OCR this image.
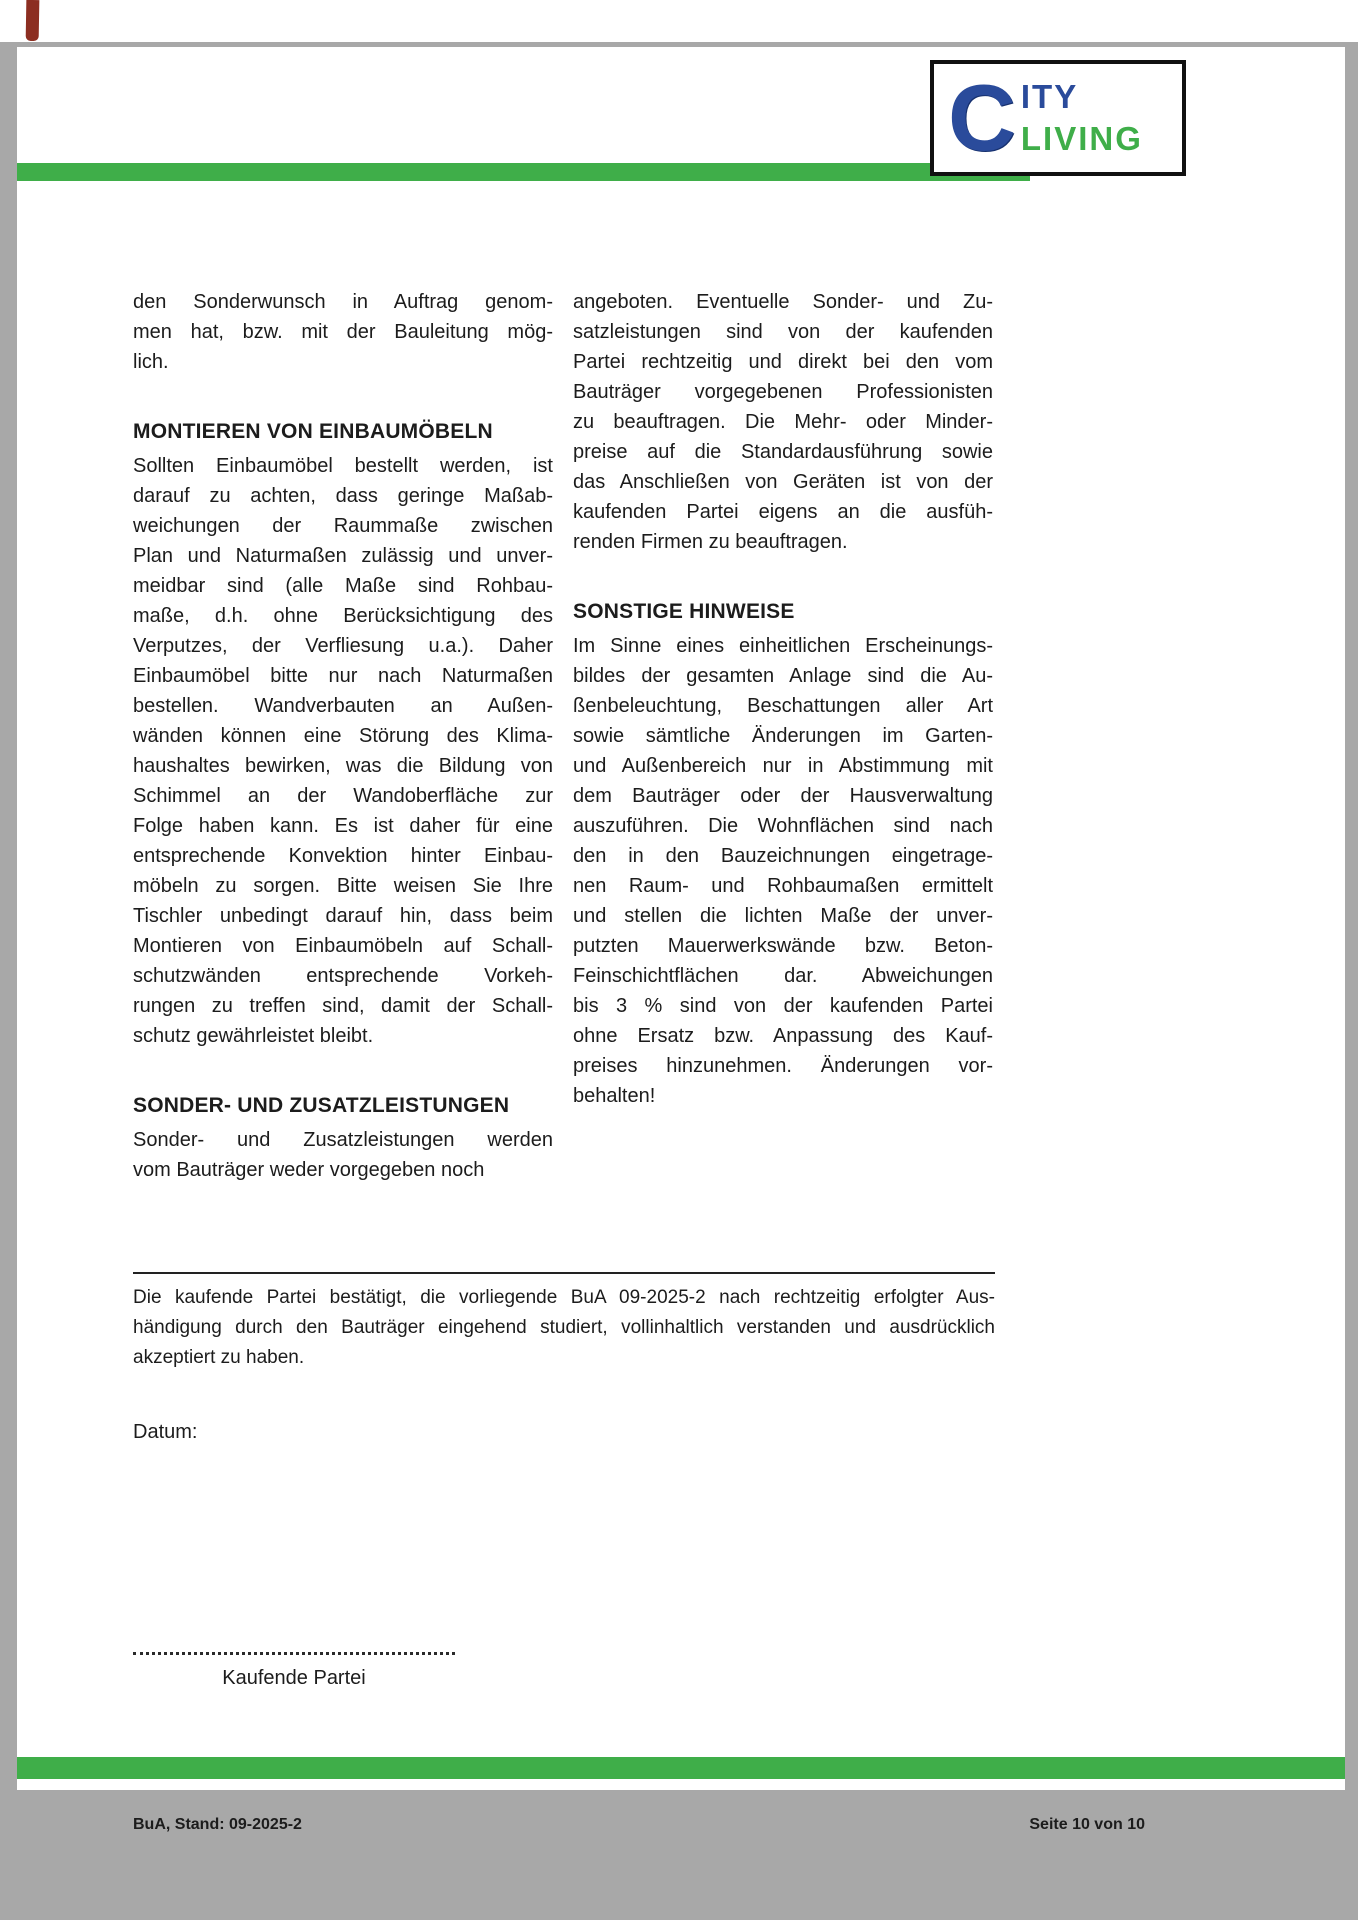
C ITY
LIVING
den Sonderwunsch in Auftrag genom-
men hat, bzw. mit der Bauleitung mög-
lich.
MONTIEREN VON EINBAUMÖBELN
Sollten Einbaumöbel bestellt werden, ist
darauf zu achten, dass geringe Maßab-
weichungen der Raummaße zwischen
Plan und Naturmaßen zulässig und unver-
meidbar sind (alle Maße sind Rohbau-
maße, d.h. ohne Berücksichtigung des
Verputzes, der Verfliesung u.a.). Daher
Einbaumöbel bitte nur nach Naturmaßen
bestellen. Wandverbauten an Außen-
wänden können eine Störung des Klima-
haushaltes bewirken, was die Bildung von
Schimmel an der Wandoberfläche zur
Folge haben kann. Es ist daher für eine
entsprechende Konvektion hinter Einbau-
möbeln zu sorgen. Bitte weisen Sie Ihre
Tischler unbedingt darauf hin, dass beim
Montieren von Einbaumöbeln auf Schall-
schutzwänden entsprechende Vorkeh-
rungen zu treffen sind, damit der Schall-
schutz gewährleistet bleibt.
SONDER- UND ZUSATZLEISTUNGEN
Sonder- und Zusatzleistungen werden
vom Bauträger weder vorgegeben noch
angeboten. Eventuelle Sonder- und Zu-
satzleistungen sind von der kaufenden
Partei rechtzeitig und direkt bei den vom
Bauträger vorgegebenen Professionisten
zu beauftragen. Die Mehr- oder Minder-
preise auf die Standardausführung sowie
das Anschließen von Geräten ist von der
kaufenden Partei eigens an die ausfüh-
renden Firmen zu beauftragen.
SONSTIGE HINWEISE
Im Sinne eines einheitlichen Erscheinungs-
bildes der gesamten Anlage sind die Au-
ßenbeleuchtung, Beschattungen aller Art
sowie sämtliche Änderungen im Garten-
und Außenbereich nur in Abstimmung mit
dem Bauträger oder der Hausverwaltung
auszuführen. Die Wohnflächen sind nach
den in den Bauzeichnungen eingetrage-
nen Raum- und Rohbaumaßen ermittelt
und stellen die lichten Maße der unver-
putzten Mauerwerkswände bzw. Beton-
Feinschichtflächen dar. Abweichungen
bis 3 % sind von der kaufenden Partei
ohne Ersatz bzw. Anpassung des Kauf-
preises hinzunehmen. Änderungen vor-
behalten!
Die kaufende Partei bestätigt, die vorliegende BuA 09-2025-2 nach rechtzeitig erfolgter Aus-
händigung durch den Bauträger eingehend studiert, vollinhaltlich verstanden und ausdrücklich
akzeptiert zu haben.
Datum:
Kaufende Partei
BuA, Stand: 09-2025-2	Seite 10 von 10
